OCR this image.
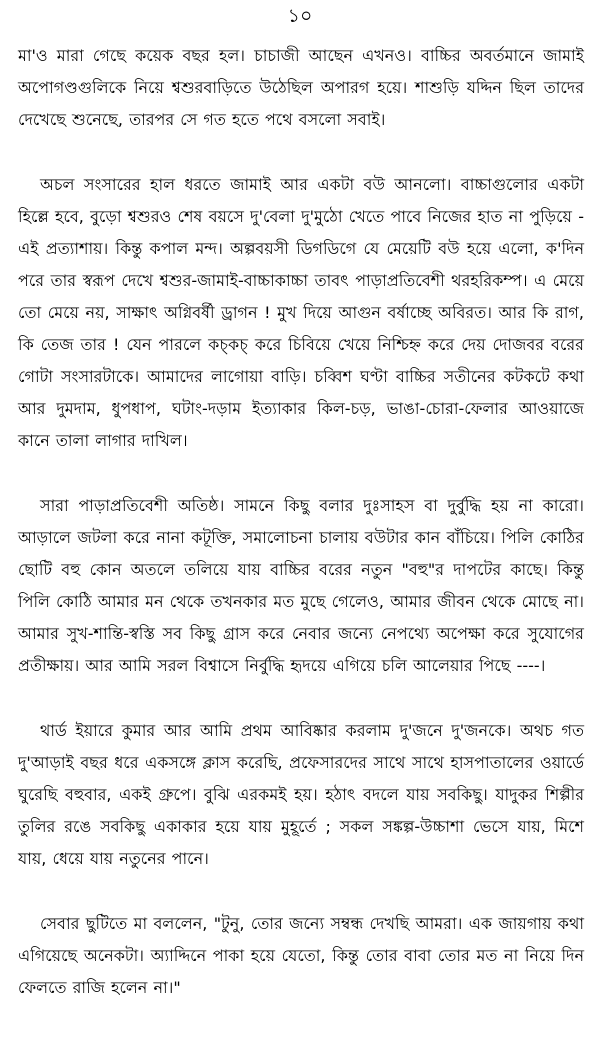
১০

মা'ও মারা গেছে কয়েক বছর হল। চাচাজী আছেন এখনও। বাচ্চির অবর্তমানে জামাই অপোগণ্ডগুলিকে নিয়ে শ্বশুরবাড়িতে উঠেছিল অপারগ হয়ে। শাশুড়ি যদ্দিন ছিল তাদের দেখেছে শুনেছে, তারপর সে গত হতে পথে বসলো সবাই।

অচল সংসারের হাল ধরতে জামাই আর একটা বউ আনলো। বাচ্চাগুলোর একটা হিল্লে হবে, বুড়ো শ্বশুরও শেষ বয়সে দু'বেলা দু'মুঠো খেতে পাবে নিজের হাত না পুড়িয়ে - এই প্রত্যাশায়। কিন্তু কপাল মন্দ। অল্পবয়সী ডিগডিগে যে মেয়েটি বউ হয়ে এলো, ক'দিন পরে তার স্বরূপ দেখে শ্বশুর-জামাই-বাচ্চাকাচ্চা তাবৎ পাড়াপ্রতিবেশী থরহরিকম্প। এ মেয়ে তো মেয়ে নয়, সাক্ষাৎ অগ্নিবর্ষী ড্রাগন ! মুখ দিয়ে আগুন বর্ষাচ্ছে অবিরত। আর কি রাগ, কি তেজ তার ! যেন পারলে কচ্কচ্ করে চিবিয়ে খেয়ে নিশ্চিহ্ন করে দেয় দোজবর বরের গোটা সংসারটাকে। আমাদের লাগোয়া বাড়ি। চব্বিশ ঘণ্টা বাচ্চির সতীনের কটকটে কথা আর দুমদাম, ধুপধাপ, ঘটাং-দড়াম ইত্যাকার কিল-চড়, ভাঙা-চোরা-ফেলার আওয়াজে কানে তালা লাগার দাখিল।

সারা পাড়াপ্রতিবেশী অতিষ্ঠ। সামনে কিছু বলার দুঃসাহস বা দুর্বুদ্ধি হয় না কারো। আড়ালে জটলা করে নানা কটূক্তি, সমালোচনা চালায় বউটার কান বাঁচিয়ে। পিলি কোঠির ছোটি বহু কোন অতলে তলিয়ে যায় বাচ্চির বরের নতুন "বহু"র দাপটের কাছে। কিন্তু পিলি কোঠি আমার মন থেকে তখনকার মত মুছে গেলেও, আমার জীবন থেকে মোছে না। আমার সুখ-শান্তি-স্বস্তি সব কিছু গ্রাস করে নেবার জন্যে নেপথ্যে অপেক্ষা করে সুযোগের প্রতীক্ষায়। আর আমি সরল বিশ্বাসে নির্বুদ্ধি হৃদয়ে এগিয়ে চলি আলেয়ার পিছে ----।

থার্ড ইয়ারে কুমার আর আমি প্রথম আবিষ্কার করলাম দু'জনে দু'জনকে। অথচ গত দু'আড়াই বছর ধরে একসঙ্গে ক্লাস করেছি, প্রফেসারদের সাথে সাথে হাসপাতালের ওয়ার্ডে ঘুরেছি বহুবার, একই গ্রুপে। বুঝি এরকমই হয়। হঠাৎ বদলে যায় সবকিছু। যাদুকর শিল্পীর তুলির রঙে সবকিছু একাকার হয়ে যায় মুহূর্তে ; সকল সঙ্কল্প-উচ্চাশা ভেসে যায়, মিশে যায়, ধেয়ে যায় নতুনের পানে।

সেবার ছুটিতে মা বললেন, "টুনু, তোর জন্যে সম্বন্ধ দেখছি আমরা। এক জায়গায় কথা এগিয়েছে অনেকটা। অ্যাদ্দিনে পাকা হয়ে যেতো, কিন্তু তোর বাবা তোর মত না নিয়ে দিন ফেলতে রাজি হলেন না।"
